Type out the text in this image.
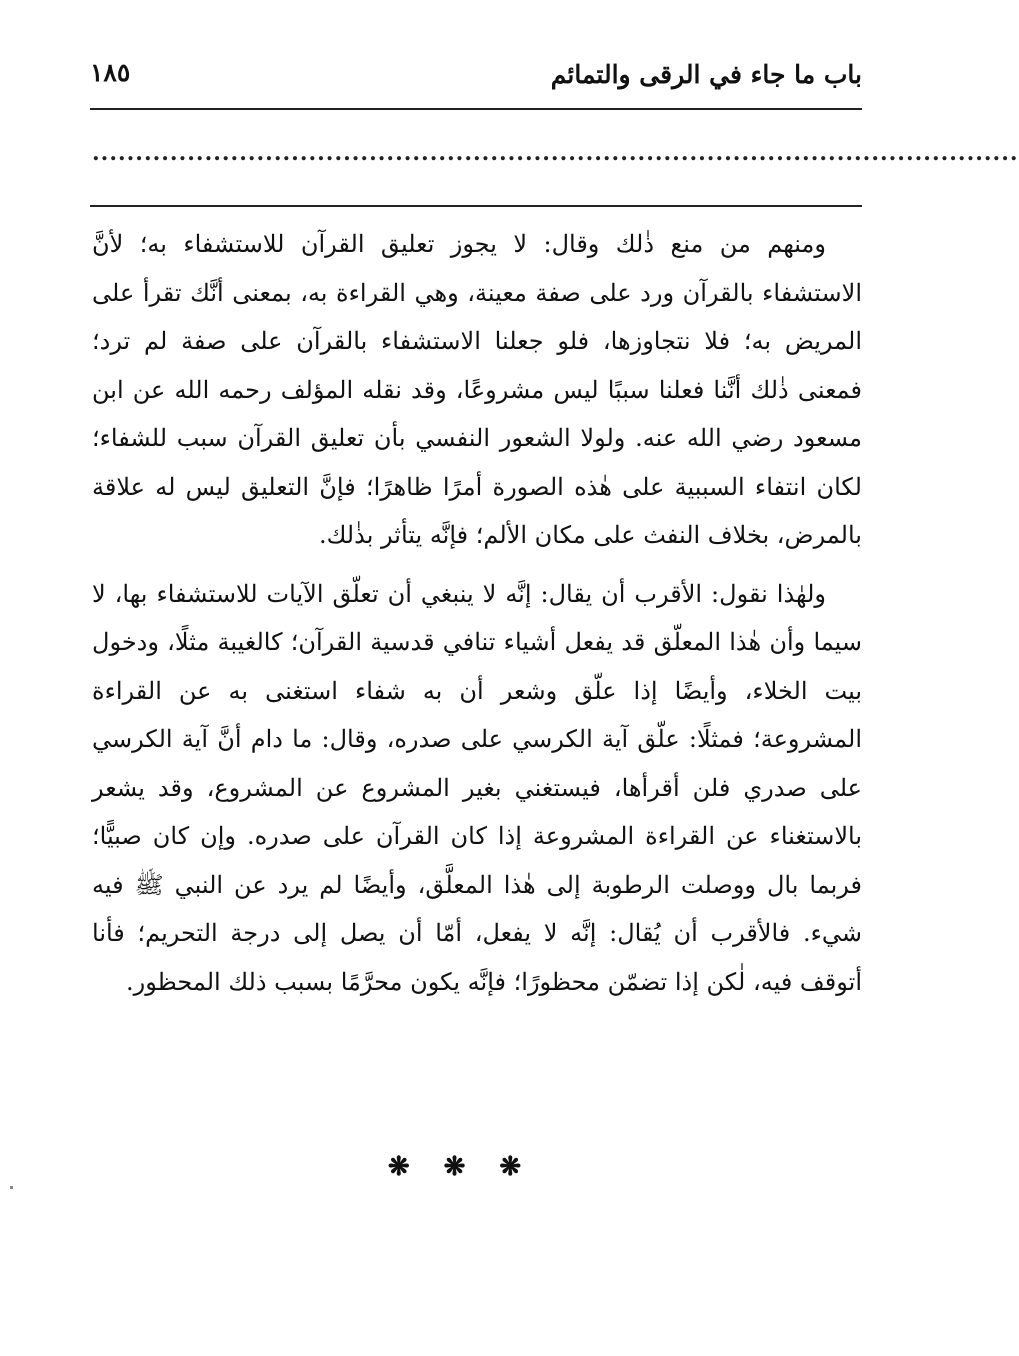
باب ما جاء في الرقى والتمائم
١٨٥
...........................................................................................................

ومنهم من منع ذٰلك وقال: لا يجوز تعليق القرآن للاستشفاء به؛ لأنَّ الاستشفاء بالقرآن ورد على صفة معينة، وهي القراءة به، بمعنى أنَّك تقرأ على المريض به؛ فلا نتجاوزها، فلو جعلنا الاستشفاء بالقرآن على صفة لم ترد؛ فمعنى ذٰلك أنَّنا فعلنا سببًا ليس مشروعًا، وقد نقله المؤلف رحمه الله عن ابن مسعود رضي الله عنه. ولولا الشعور النفسي بأن تعليق القرآن سبب للشفاء؛ لكان انتفاء السببية على هٰذه الصورة أمرًا ظاهرًا؛ فإنَّ التعليق ليس له علاقة بالمرض، بخلاف النفث على مكان الألم؛ فإنَّه يتأثر بذٰلك.

ولهٰذا نقول: الأقرب أن يقال: إنَّه لا ينبغي أن تعلّق الآيات للاستشفاء بها، لا سيما وأن هٰذا المعلّق قد يفعل أشياء تنافي قدسية القرآن؛ كالغيبة مثلًا، ودخول بيت الخلاء، وأيضًا إذا علّق وشعر أن به شفاء استغنى به عن القراءة المشروعة؛ فمثلًا: علّق آية الكرسي على صدره، وقال: ما دام أنَّ آية الكرسي على صدري فلن أقرأها، فيستغني بغير المشروع عن المشروع، وقد يشعر بالاستغناء عن القراءة المشروعة إذا كان القرآن على صدره. وإن كان صبيًّا؛ فربما بال ووصلت الرطوبة إلى هٰذا المعلَّق، وأيضًا لم يرد عن النبي ﷺ فيه شيء. فالأقرب أن يُقال: إنَّه لا يفعل، أمّا أن يصل إلى درجة التحريم؛ فأنا أتوقف فيه، لٰكن إذا تضمّن محظورًا؛ فإنَّه يكون محرَّمًا بسبب ذلك المحظور.

❋❋❋
